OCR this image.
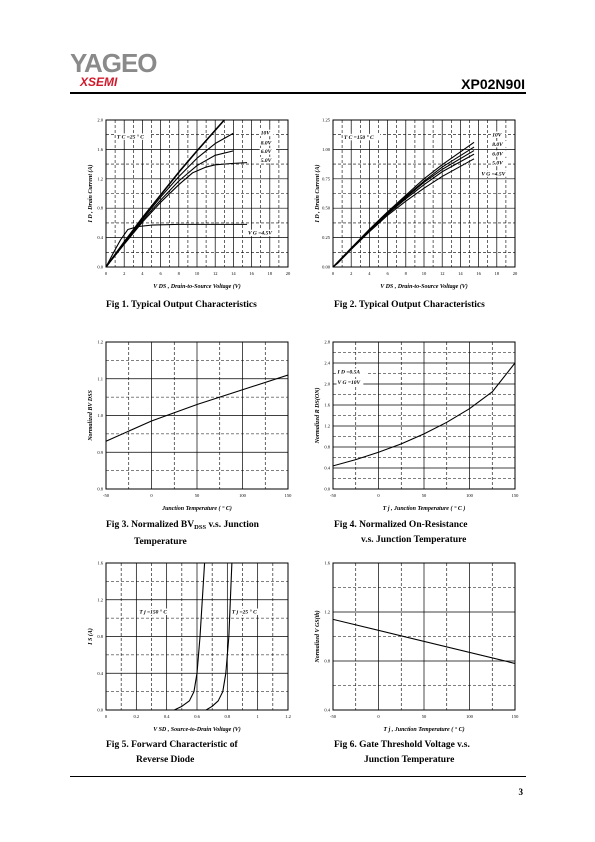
YAGEO
XSEMI	XP02N90I
0	2	4	6	8	10	12	14	16	18	20
0.0
0.4
0.8
1.2
1.6
2.0
V DS , Drain-to-Source Voltage (V)
I D , Drain Current (A)
T C =25 ° C
10V
8.0V
6.0V
5.0V
V G =4.5V
0	2	4	6	8	10	12	14	16	18	20
0.00
0.25
0.50
0.75
1.00
1.25
V DS , Drain-to-Source Voltage (V)
I D , Drain Current (A)
T C =150 ° C	10V
8.0V
6.0V
5.0V
V G =4.5V
-50	0	50	100	150
0.8
0.9
1.0
1.1
1.2
Junction Temperature ( ° C)
Normalized BV DSS
-50	0	50	100	150
0.0
0.4
0.8
1.2
1.6
2.0
2.4
2.8
T j , Junction Temperature ( ° C )
Normalized R DS(ON)
I D =0.5A
V G =10V
0	0.2	0.4	0.6	0.8	1	1.2
0.0
0.4
0.8
1.2
1.6
V SD , Source-to-Drain Voltage (V)
I S (A)
T j =150 ° C	T j =25 ° C
-50	0	50	100	150
0.4
0.8
1.2
1.6
T j , Junction Temperature ( ° C)
Normalized V GS(th)
Fig 1. Typical Output Characteristics	Fig 2. Typical Output Characteristics
Fig 3. Normalized $BV_{DSS}$ v.s. Junction
Temperature
Fig 4. Normalized On-Resistance
v.s. Junction Temperature
Fig 5. Forward Characteristic of
Reverse Diode
Fig 6. Gate Threshold Voltage v.s.
Junction Temperature
3
